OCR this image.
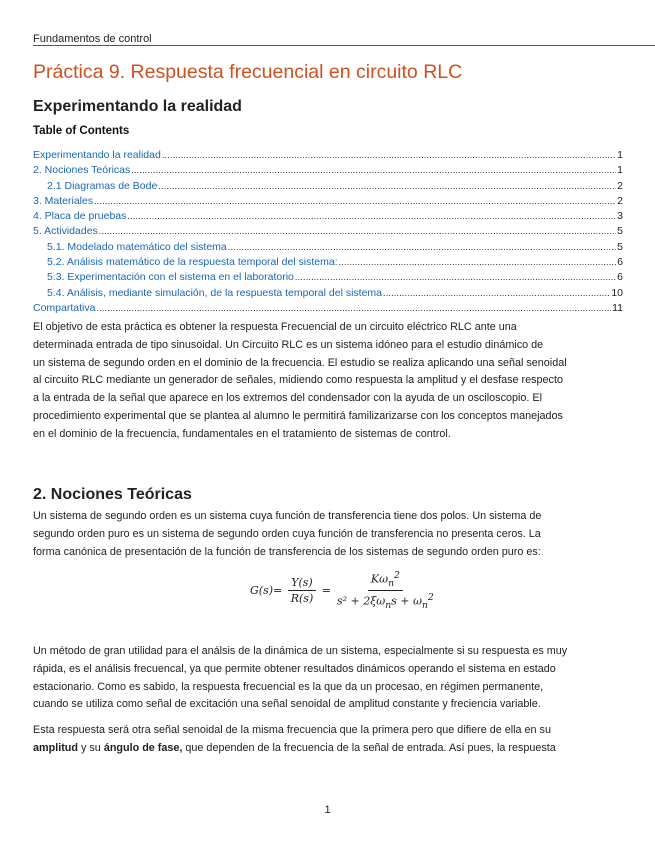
Fundamentos de control
Práctica 9. Respuesta frecuencial en circuito RLC
Experimentando la realidad
Table of Contents
Experimentando la realidad .....	1
2. Nociones Teóricas .....	1
2.1 Diagramas de Bode .....	2
3. Materiales .....	2
4. Placa de pruebas .....	3
5. Actividades .....	5
5.1. Modelado matemático del sistema .....	5
5.2. Análisis matemático de la respuesta temporal del sistema: .....	6
5.3. Experimentación con el sistema en el laboratorio .....	6
5.4. Análisis, mediante simulación, de la respuesta temporal del sistema .....	10
Compartativa .....	11

El objetivo de esta práctica es obtener la respuesta Frecuencial de un circuito eléctrico RLC ante una
determinada entrada de tipo sinusoidal. Un Circuito RLC es un sistema idóneo para el estudio dinámico de
un sistema de segundo orden en el dominio de la frecuencia. El estudio se realiza aplicando una señal senoidal
al circuito RLC mediante un generador de señales, midiendo como respuesta la amplitud y el desfase respecto
a la entrada de la señal que aparece en los extremos del condensador con la ayuda de un osciloscopio. El
procedimiento experimental que se plantea al alumno le permitirá familizarizarse con los conceptos manejados
en el dominio de la frecuencia, fundamentales en el tratamiento de sistemas de control.

2. Nociones Teóricas

Un sistema de segundo orden es un sistema cuya función de transferencia tiene dos polos. Un sistema de
segundo orden puro es un sistema de segundo orden cuya función de transferencia no presenta ceros. La
forma canónica de presentación de la función de transferencia de los sistemas de segundo orden puro es:

$G(s)= \frac{Y(s)}{R(s)} = \frac{K\omega_n^2}{s^2 + 2\xi\omega_ns + \omega_n^2}$

Un método de gran utilidad para el análsis de la dinámica de un sistema, especialmente si su respuesta es muy
rápida, es el análisis frecuencal, ya que permite obtener resultados dinámicos operando el sistema en estado
estacionario. Como es sabido, la respuesta frecuencial es la que da un procesao, en régimen permanente,
cuando se utiliza como señal de excitación una señal senoidal de amplitud constante y freciencia variable.

Esta respuesta será otra señal senoidal de la misma frecuencia que la primera pero que difiere de ella en su
amplitud y su ángulo de fase, que dependen de la frecuencia de la señal de entrada. Así pues, la respuesta

1
